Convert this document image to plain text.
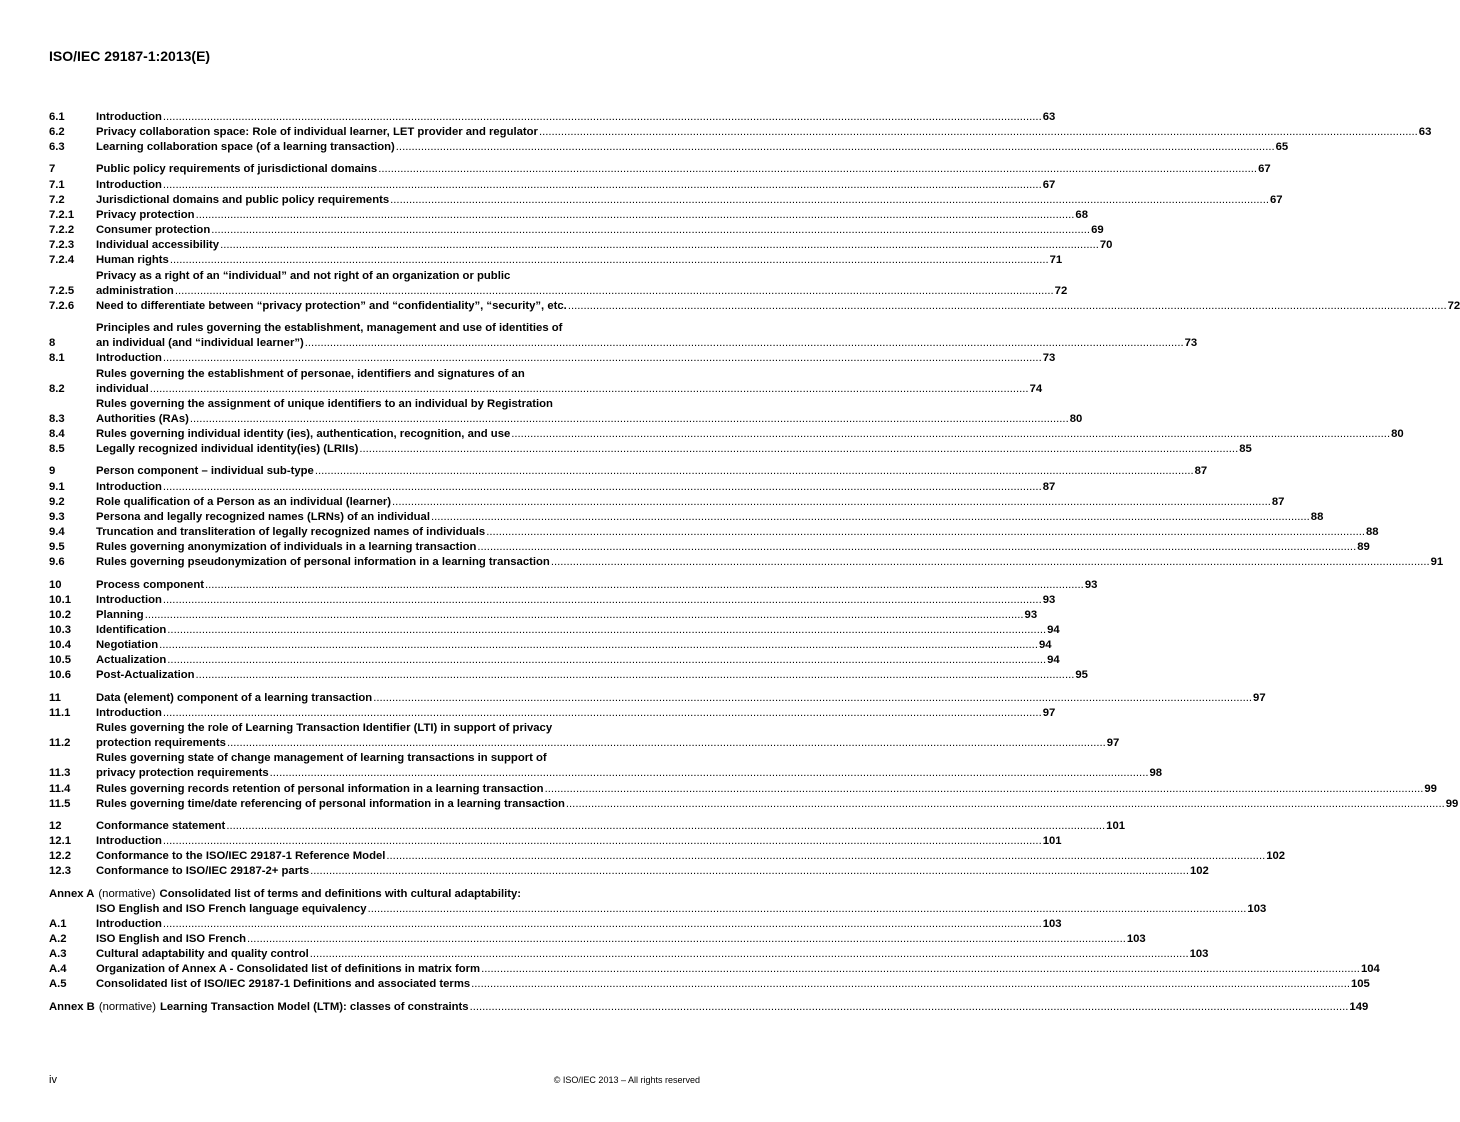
ISO/IEC 29187-1:2013(E)
6.1	Introduction .....	63
6.2	Privacy collaboration space: Role of individual learner, LET provider and regulator .....	63
6.3	Learning collaboration space (of a learning transaction) .....	65
7	Public policy requirements of jurisdictional domains .....	67
7.1	Introduction .....	67
7.2	Jurisdictional domains and public policy requirements .....	67
7.2.1	Privacy protection .....	68
7.2.2	Consumer protection .....	69
7.2.3	Individual accessibility .....	70
7.2.4	Human rights .....	71
7.2.5
Privacy as a right of an “individual” and not right of an organization or public
administration .....	72
7.2.6	Need to differentiate between “privacy protection” and “confidentiality”, “security”, etc. .....	72
8
Principles and rules governing the establishment, management and use of identities of
an individual (and “individual learner”) .....	73
8.1	Introduction .....	73
8.2
Rules governing the establishment of personae, identifiers and signatures of an
individual .....	74
8.3
Rules governing the assignment of unique identifiers to an individual by Registration
Authorities (RAs) .....	80
8.4	Rules governing individual identity (ies), authentication, recognition, and use .....	80
8.5	Legally recognized individual identity(ies) (LRIIs) .....	85
9	Person component – individual sub-type .....	87
9.1	Introduction .....	87
9.2	Role qualification of a Person as an individual (learner) .....	87
9.3	Persona and legally recognized names (LRNs) of an individual .....	88
9.4	Truncation and transliteration of legally recognized names of individuals .....	88
9.5	Rules governing anonymization of individuals in a learning transaction .....	89
9.6	Rules governing pseudonymization of personal information in a learning transaction .....	91
10	Process component .....	93
10.1	Introduction .....	93
10.2	Planning .....	93
10.3	Identification .....	94
10.4	Negotiation .....	94
10.5	Actualization .....	94
10.6	Post-Actualization .....	95
11	Data (element) component of a learning transaction .....	97
11.1	Introduction .....	97
11.2
Rules governing the role of Learning Transaction Identifier (LTI) in support of privacy
protection requirements .....	97
11.3
Rules governing state of change management of learning transactions in support of
privacy protection requirements .....	98
11.4	Rules governing records retention of personal information in a learning transaction .....	99
11.5	Rules governing time/date referencing of personal information in a learning transaction .....	99
12	Conformance statement .....	101
12.1	Introduction .....	101
12.2	Conformance to the ISO/IEC 29187-1 Reference Model .....	102
12.3	Conformance to ISO/IEC 29187-2+ parts .....	102
Annex A (normative) Consolidated list of terms and definitions with cultural adaptability:
ISO English and ISO French language equivalency .....	103
A.1	Introduction .....	103
A.2	ISO English and ISO French .....	103
A.3	Cultural adaptability and quality control .....	103
A.4	Organization of Annex A - Consolidated list of definitions in matrix form .....	104
A.5	Consolidated list of ISO/IEC 29187-1 Definitions and associated terms .....	105
Annex B (normative) Learning Transaction Model (LTM): classes of constraints .....	149
iv	© ISO/IEC 2013 – All rights reserved
